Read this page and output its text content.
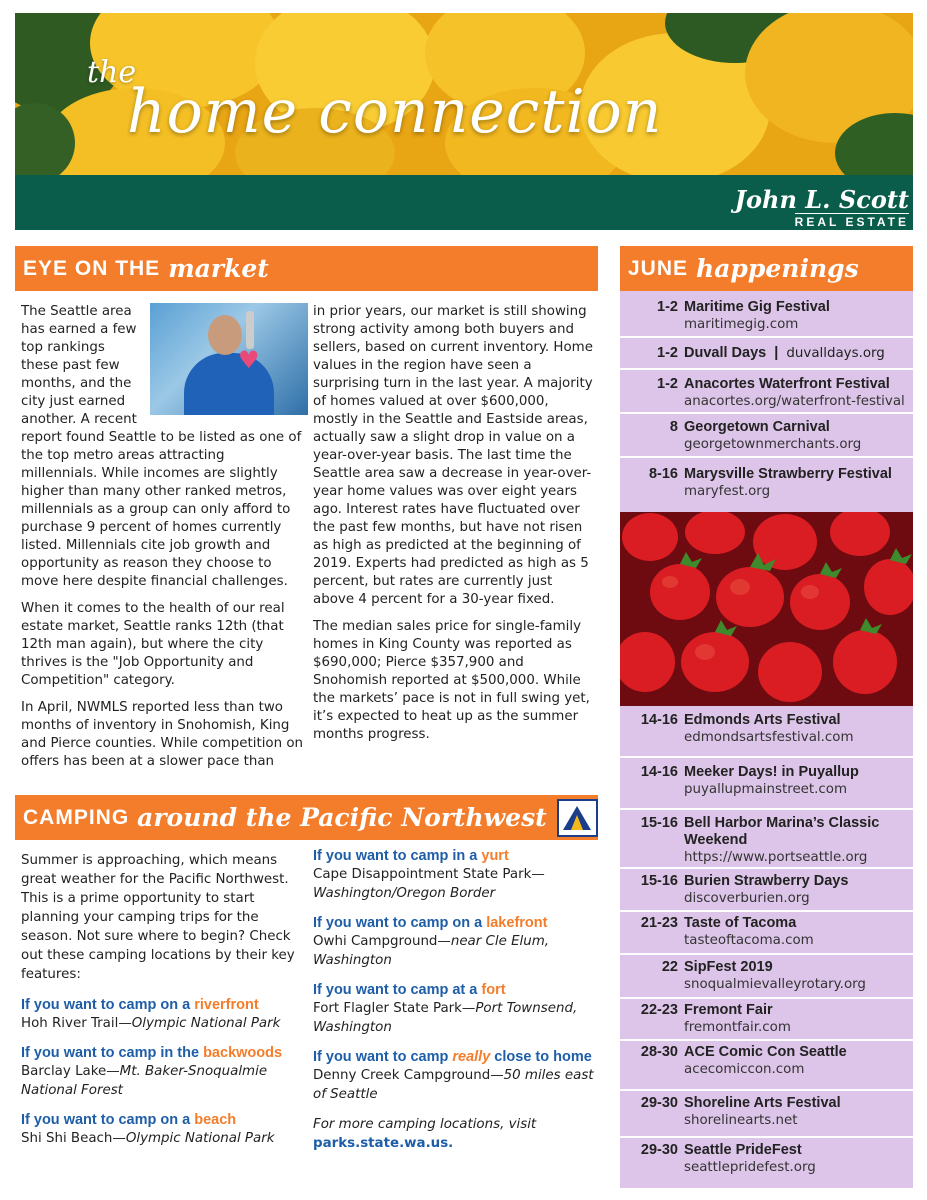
the
home connection
John L. Scott
REAL ESTATE
EYE ON THE market
♥

The Seattle area has earned a few top rankings these past few months, and the city just earned another. A recent report found Seattle to be listed as one of the top metro areas attracting millennials. While incomes are slightly higher than many other ranked metros, millennials as a group can only afford to purchase 9 percent of homes currently listed. Millennials cite job growth and opportunity as reason they choose to move here despite financial challenges.

When it comes to the health of our real estate market, Seattle ranks 12th (that 12th man again), but where the city thrives is the "Job Opportunity and Competition" category.

In April, NWMLS reported less than two months of inventory in Snohomish, King and Pierce counties. While competition on offers has been at a slower pace than

in prior years, our market is still showing strong activity among both buyers and sellers, based on current inventory. Home values in the region have seen a surprising turn in the last year. A majority of homes valued at over $600,000, mostly in the Seattle and Eastside areas, actually saw a slight drop in value on a year-over-year basis. The last time the Seattle area saw a decrease in year-over-year home values was over eight years ago. Interest rates have fluctuated over the past few months, but have not risen as high as predicted at the beginning of 2019. Experts had predicted as high as 5 percent, but rates are currently just above 4 percent for a 30-year fixed.

The median sales price for single-family homes in King County was reported as $690,000; Pierce $357,900 and Snohomish reported at $500,000. While the markets’ pace is not in full swing yet, it’s expected to heat up as the summer months progress.

CAMPING around the Pacific Northwest

Summer is approaching, which means great weather for the Pacific Northwest. This is a prime opportunity to start planning your camping trips for the season. Not sure where to begin? Check out these camping locations by their key features:

If you want to camp on a riverfront

Hoh River Trail—Olympic National Park

If you want to camp in the backwoods

Barclay Lake—Mt. Baker-Snoqualmie National Forest

If you want to camp on a beach

Shi Shi Beach—Olympic National Park

If you want to camp in a yurt

Cape Disappointment State Park—Washington/Oregon Border

If you want to camp on a lakefront

Owhi Campground—near Cle Elum, Washington

If you want to camp at a fort

Fort Flagler State Park—Port Townsend, Washington

If you want to camp really close to home

Denny Creek Campground—50 miles east of Seattle

For more camping locations, visit
parks.state.wa.us.

JUNE happenings
1-2 Maritime Gig Festival
maritimegig.com
1-2 Duvall Days | duvalldays.org
1-2 Anacortes Waterfront Festival
anacortes.org/waterfront-festival
8 Georgetown Carnival
georgetownmerchants.org
8-16 Marysville Strawberry Festival
maryfest.org
14-16 Edmonds Arts Festival
edmondsartsfestival.com
14-16 Meeker Days! in Puyallup
puyallupmainstreet.com
15-16 Bell Harbor Marina’s Classic Weekend
https://www.portseattle.org
15-16 Burien Strawberry Days
discoverburien.org
21-23 Taste of Tacoma
tasteoftacoma.com
22 SipFest 2019
snoqualmievalleyrotary.org
22-23 Fremont Fair
fremontfair.com
28-30 ACE Comic Con Seattle
acecomiccon.com
29-30 Shoreline Arts Festival
shorelinearts.net
29-30 Seattle PrideFest
seattlepridefest.org
